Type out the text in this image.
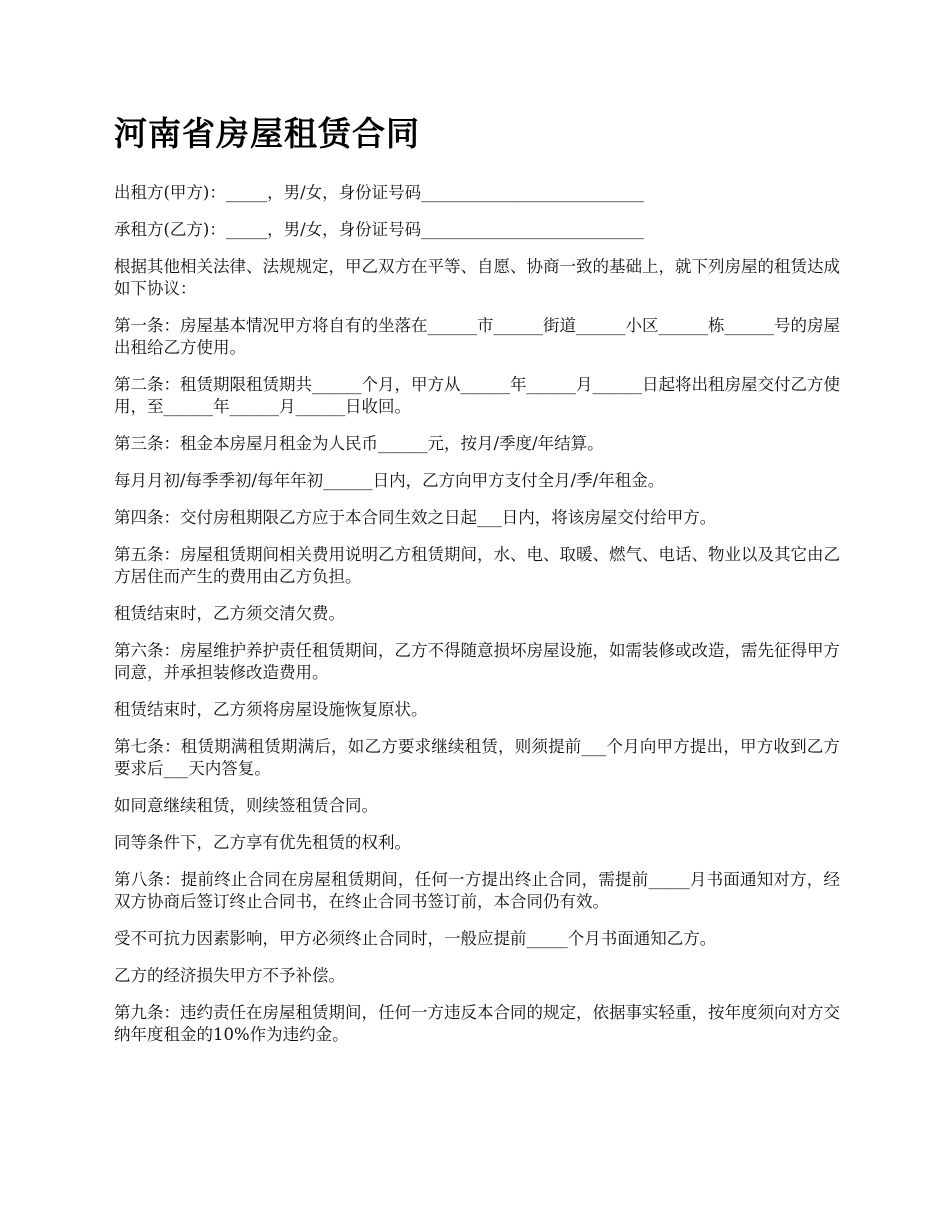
河南省房屋租赁合同

出租方(甲方)：_____，男/女，身份证号码___________________________

承租方(乙方)：_____，男/女，身份证号码___________________________

根据其他相关法律、法规规定，甲乙双方在平等、自愿、协商一致的基础上，就下列房屋的租赁达成如下协议：

第一条：房屋基本情况甲方将自有的坐落在______市______街道______小区______栋______号的房屋出租给乙方使用。

第二条：租赁期限租赁期共______个月，甲方从______年______月______日起将出租房屋交付乙方使用，至______年______月______日收回。

第三条：租金本房屋月租金为人民币______元，按月/季度/年结算。

每月月初/每季季初/每年年初______日内，乙方向甲方支付全月/季/年租金。

第四条：交付房租期限乙方应于本合同生效之日起___日内，将该房屋交付给甲方。

第五条：房屋租赁期间相关费用说明乙方租赁期间，水、电、取暖、燃气、电话、物业以及其它由乙方居住而产生的费用由乙方负担。

租赁结束时，乙方须交清欠费。

第六条：房屋维护养护责任租赁期间，乙方不得随意损坏房屋设施，如需装修或改造，需先征得甲方同意，并承担装修改造费用。

租赁结束时，乙方须将房屋设施恢复原状。

第七条：租赁期满租赁期满后，如乙方要求继续租赁，则须提前___个月向甲方提出，甲方收到乙方要求后___天内答复。

如同意继续租赁，则续签租赁合同。

同等条件下，乙方享有优先租赁的权利。

第八条：提前终止合同在房屋租赁期间，任何一方提出终止合同，需提前_____月书面通知对方，经双方协商后签订终止合同书，在终止合同书签订前，本合同仍有效。

受不可抗力因素影响，甲方必须终止合同时，一般应提前_____个月书面通知乙方。

乙方的经济损失甲方不予补偿。

第九条：违约责任在房屋租赁期间，任何一方违反本合同的规定，依据事实轻重，按年度须向对方交纳年度租金的10%作为违约金。
